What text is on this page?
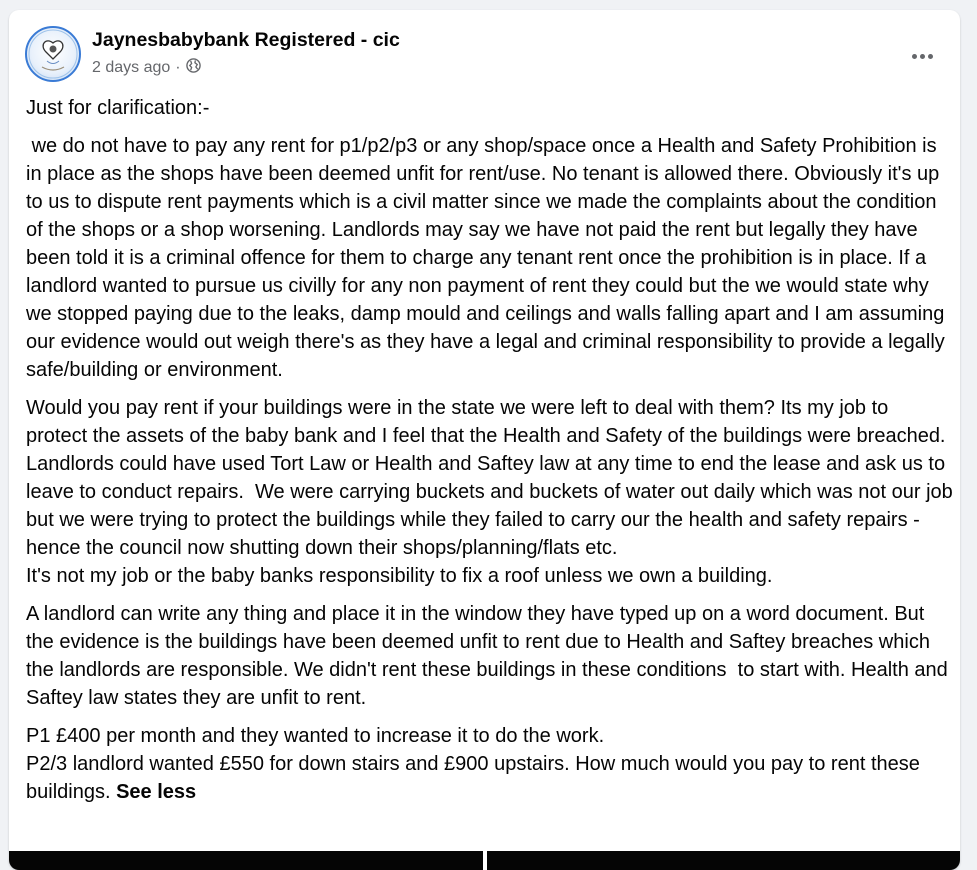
Jaynesbabybank Registered - cic
2 days ago ·

Just for clarification:-

we do not have to pay any rent for p1/p2/p3 or any shop/space once a Health and Safety Prohibition is in place as the shops have been deemed unfit for rent/use. No tenant is allowed there. Obviously it's up to us to dispute rent payments which is a civil matter since we made the complaints about the condition of the shops or a shop worsening. Landlords may say we have not paid the rent but legally they have been told it is a criminal offence for them to charge any tenant rent once the prohibition is in place. If a landlord wanted to pursue us civilly for any non payment of rent they could but the we would state why we stopped paying due to the leaks, damp mould and ceilings and walls falling apart and I am assuming our evidence would out weigh there's as they have a legal and criminal responsibility to provide a legally safe/building or environment.

Would you pay rent if your buildings were in the state we were left to deal with them? Its my job to protect the assets of the baby bank and I feel that the Health and Safety of the buildings were breached. Landlords could have used Tort Law or Health and Saftey law at any time to end the lease and ask us to leave to conduct repairs.  We were carrying buckets and buckets of water out daily which was not our job but we were trying to protect the buildings while they failed to carry our the health and safety repairs - hence the council now shutting down their shops/planning/flats etc.
It's not my job or the baby banks responsibility to fix a roof unless we own a building.

A landlord can write any thing and place it in the window they have typed up on a word document. But the evidence is the buildings have been deemed unfit to rent due to Health and Saftey breaches which the landlords are responsible. We didn't rent these buildings in these conditions  to start with. Health and Saftey law states they are unfit to rent.

P1 £400 per month and they wanted to increase it to do the work.
P2/3 landlord wanted £550 for down stairs and £900 upstairs. How much would you pay to rent these buildings. See less
